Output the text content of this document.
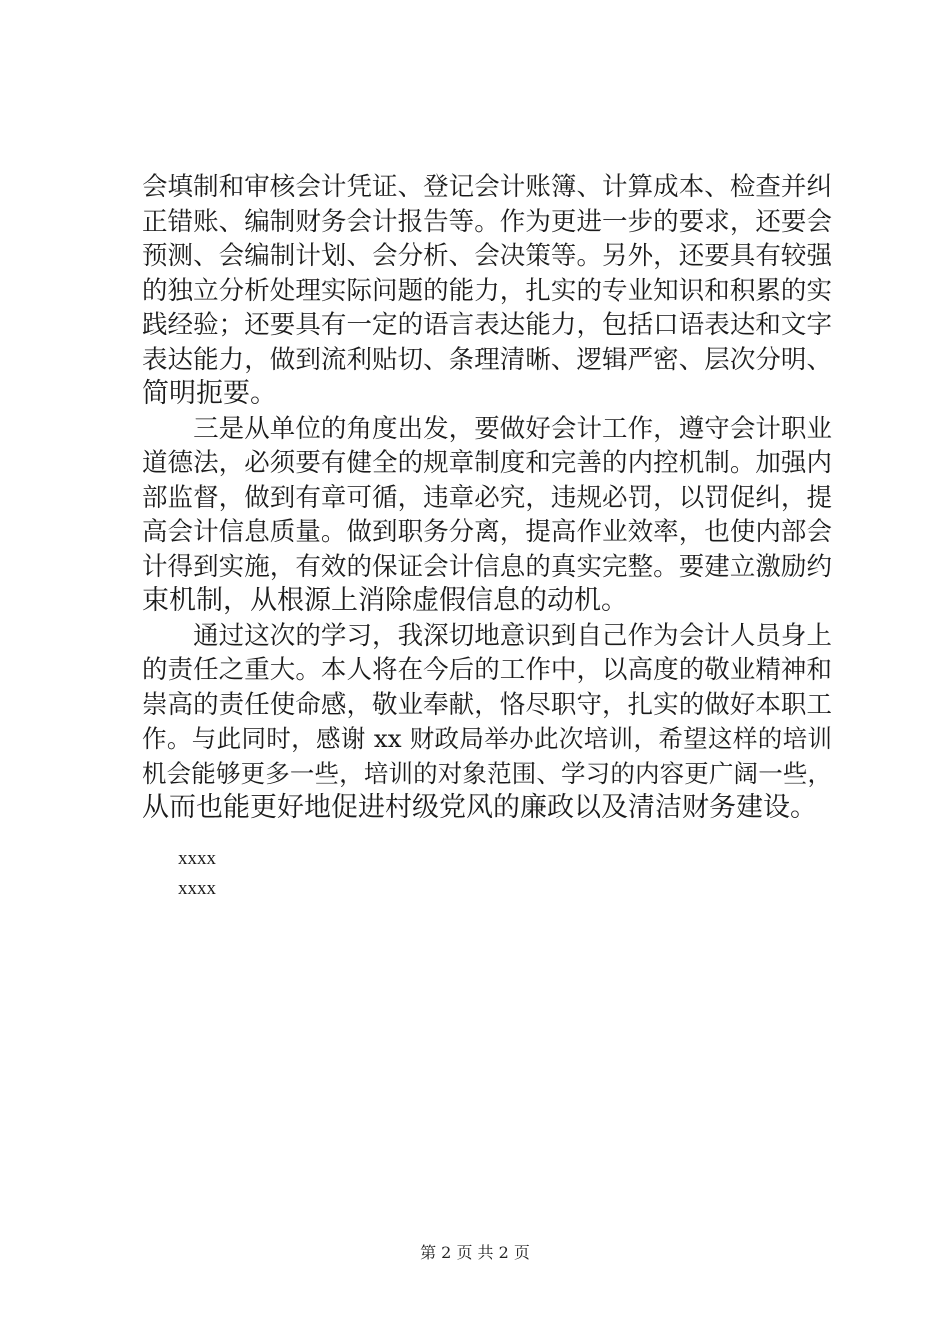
会填制和审核会计凭证、登记会计账簿、计算成本、检查并纠
正错账、编制财务会计报告等。作为更进一步的要求，还要会
预测、会编制计划、会分析、会决策等。另外，还要具有较强
的独立分析处理实际问题的能力，扎实的专业知识和积累的实
践经验；还要具有一定的语言表达能力，包括口语表达和文字
表达能力，做到流利贴切、条理清晰、逻辑严密、层次分明、
简明扼要。
　　三是从单位的角度出发，要做好会计工作，遵守会计职业
道德法，必须要有健全的规章制度和完善的内控机制。加强内
部监督，做到有章可循，违章必究，违规必罚，以罚促纠，提
高会计信息质量。做到职务分离，提高作业效率，也使内部会
计得到实施，有效的保证会计信息的真实完整。要建立激励约
束机制，从根源上消除虚假信息的动机。
　　通过这次的学习，我深切地意识到自己作为会计人员身上
的责任之重大。本人将在今后的工作中，以高度的敬业精神和
崇高的责任使命感，敬业奉献，恪尽职守，扎实的做好本职工
作。与此同时，感谢 xx 财政局举办此次培训，希望这样的培训
机会能够更多一些，培训的对象范围、学习的内容更广阔一些，
从而也能更好地促进村级党风的廉政以及清洁财务建设。
xxxx
xxxx
第 2 页 共 2 页
